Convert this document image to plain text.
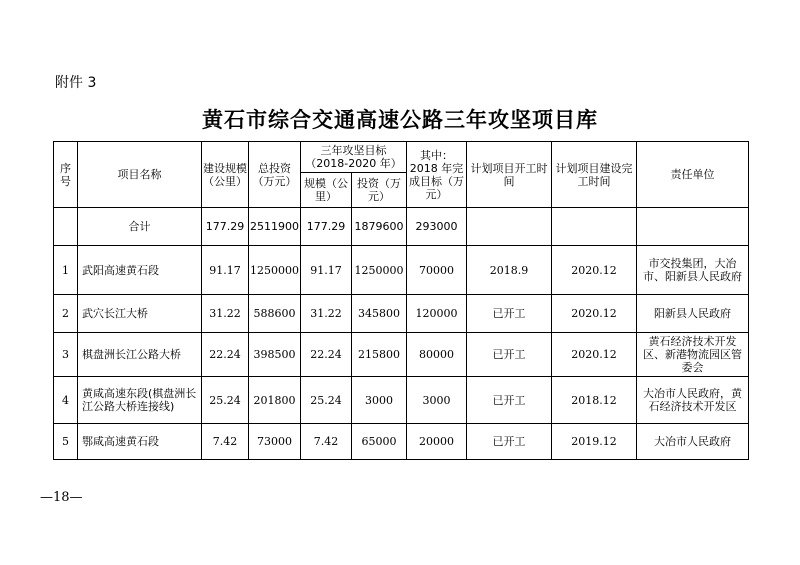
附件 3
黄石市综合交通高速公路三年攻坚项目库
序号	项目名称	建设规模（公里）	总投资（万元）	三年攻坚目标（2018-2020 年）		其中：2018 年完成目标（万元）	计划项目开工时间	计划项目建设完工时间	责任单位
				规模（公里）	投资（万元）				
	合计	177.29	2511900	177.29	1879600	293000			
1	武阳高速黄石段	91.17	1250000	91.17	1250000	70000	2018.9	2020.12	市交投集团，大冶市、阳新县人民政府
2	武穴长江大桥	31.22	588600	31.22	345800	120000	已开工	2020.12	阳新县人民政府
3	棋盘洲长江公路大桥	22.24	398500	22.24	215800	80000	已开工	2020.12	黄石经济技术开发区、新港物流园区管委会
4	黄咸高速东段(棋盘洲长江公路大桥连接线)	25.24	201800	25.24	3000	3000	已开工	2018.12	大冶市人民政府，黄石经济技术开发区
5	鄂咸高速黄石段	7.42	73000	7.42	65000	20000	已开工	2019.12	大冶市人民政府
—18—
